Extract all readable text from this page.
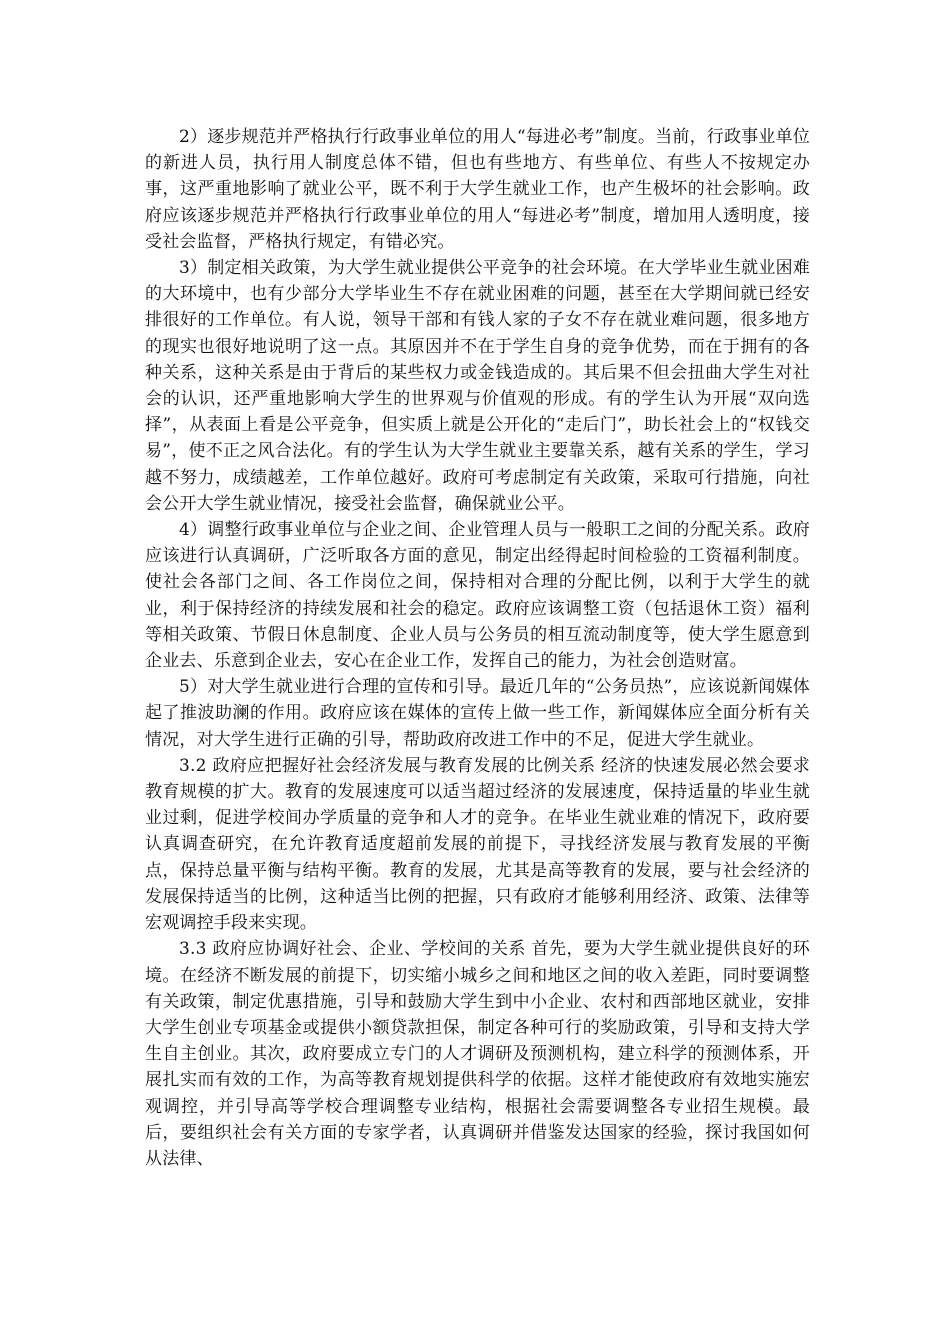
2）逐步规范并严格执行行政事业单位的用人“每进必考”制度。当前，行政事业单位的新进人员，执行用人制度总体不错，但也有些地方、有些单位、有些人不按规定办事，这严重地影响了就业公平，既不利于大学生就业工作，也产生极坏的社会影响。政府应该逐步规范并严格执行行政事业单位的用人“每进必考”制度，增加用人透明度，接受社会监督，严格执行规定，有错必究。

3）制定相关政策，为大学生就业提供公平竞争的社会环境。在大学毕业生就业困难的大环境中，也有少部分大学毕业生不存在就业困难的问题，甚至在大学期间就已经安排很好的工作单位。有人说，领导干部和有钱人家的子女不存在就业难问题，很多地方的现实也很好地说明了这一点。其原因并不在于学生自身的竞争优势，而在于拥有的各种关系，这种关系是由于背后的某些权力或金钱造成的。其后果不但会扭曲大学生对社会的认识，还严重地影响大学生的世界观与价值观的形成。有的学生认为开展“双向选择”，从表面上看是公平竞争，但实质上就是公开化的“走后门”，助长社会上的“权钱交易”，使不正之风合法化。有的学生认为大学生就业主要靠关系，越有关系的学生，学习越不努力，成绩越差，工作单位越好。政府可考虑制定有关政策，采取可行措施，向社会公开大学生就业情况，接受社会监督，确保就业公平。

4）调整行政事业单位与企业之间、企业管理人员与一般职工之间的分配关系。政府应该进行认真调研，广泛听取各方面的意见，制定出经得起时间检验的工资福利制度。使社会各部门之间、各工作岗位之间，保持相对合理的分配比例，以利于大学生的就业，利于保持经济的持续发展和社会的稳定。政府应该调整工资（包括退休工资）福利等相关政策、节假日休息制度、企业人员与公务员的相互流动制度等，使大学生愿意到企业去、乐意到企业去，安心在企业工作，发挥自己的能力，为社会创造财富。

5）对大学生就业进行合理的宣传和引导。最近几年的“公务员热”，应该说新闻媒体起了推波助澜的作用。政府应该在媒体的宣传上做一些工作，新闻媒体应全面分析有关情况，对大学生进行正确的引导，帮助政府改进工作中的不足，促进大学生就业。

3.2 政府应把握好社会经济发展与教育发展的比例关系 经济的快速发展必然会要求教育规模的扩大。教育的发展速度可以适当超过经济的发展速度，保持适量的毕业生就业过剩，促进学校间办学质量的竞争和人才的竞争。在毕业生就业难的情况下，政府要认真调查研究，在允许教育适度超前发展的前提下，寻找经济发展与教育发展的平衡点，保持总量平衡与结构平衡。教育的发展，尤其是高等教育的发展，要与社会经济的发展保持适当的比例，这种适当比例的把握，只有政府才能够利用经济、政策、法律等宏观调控手段来实现。

3.3 政府应协调好社会、企业、学校间的关系 首先，要为大学生就业提供良好的环境。在经济不断发展的前提下，切实缩小城乡之间和地区之间的收入差距，同时要调整有关政策，制定优惠措施，引导和鼓励大学生到中小企业、农村和西部地区就业，安排大学生创业专项基金或提供小额贷款担保，制定各种可行的奖励政策，引导和支持大学生自主创业。其次，政府要成立专门的人才调研及预测机构，建立科学的预测体系，开展扎实而有效的工作，为高等教育规划提供科学的依据。这样才能使政府有效地实施宏观调控，并引导高等学校合理调整专业结构，根据社会需要调整各专业招生规模。最后，要组织社会有关方面的专家学者，认真调研并借鉴发达国家的经验，探讨我国如何从法律、
